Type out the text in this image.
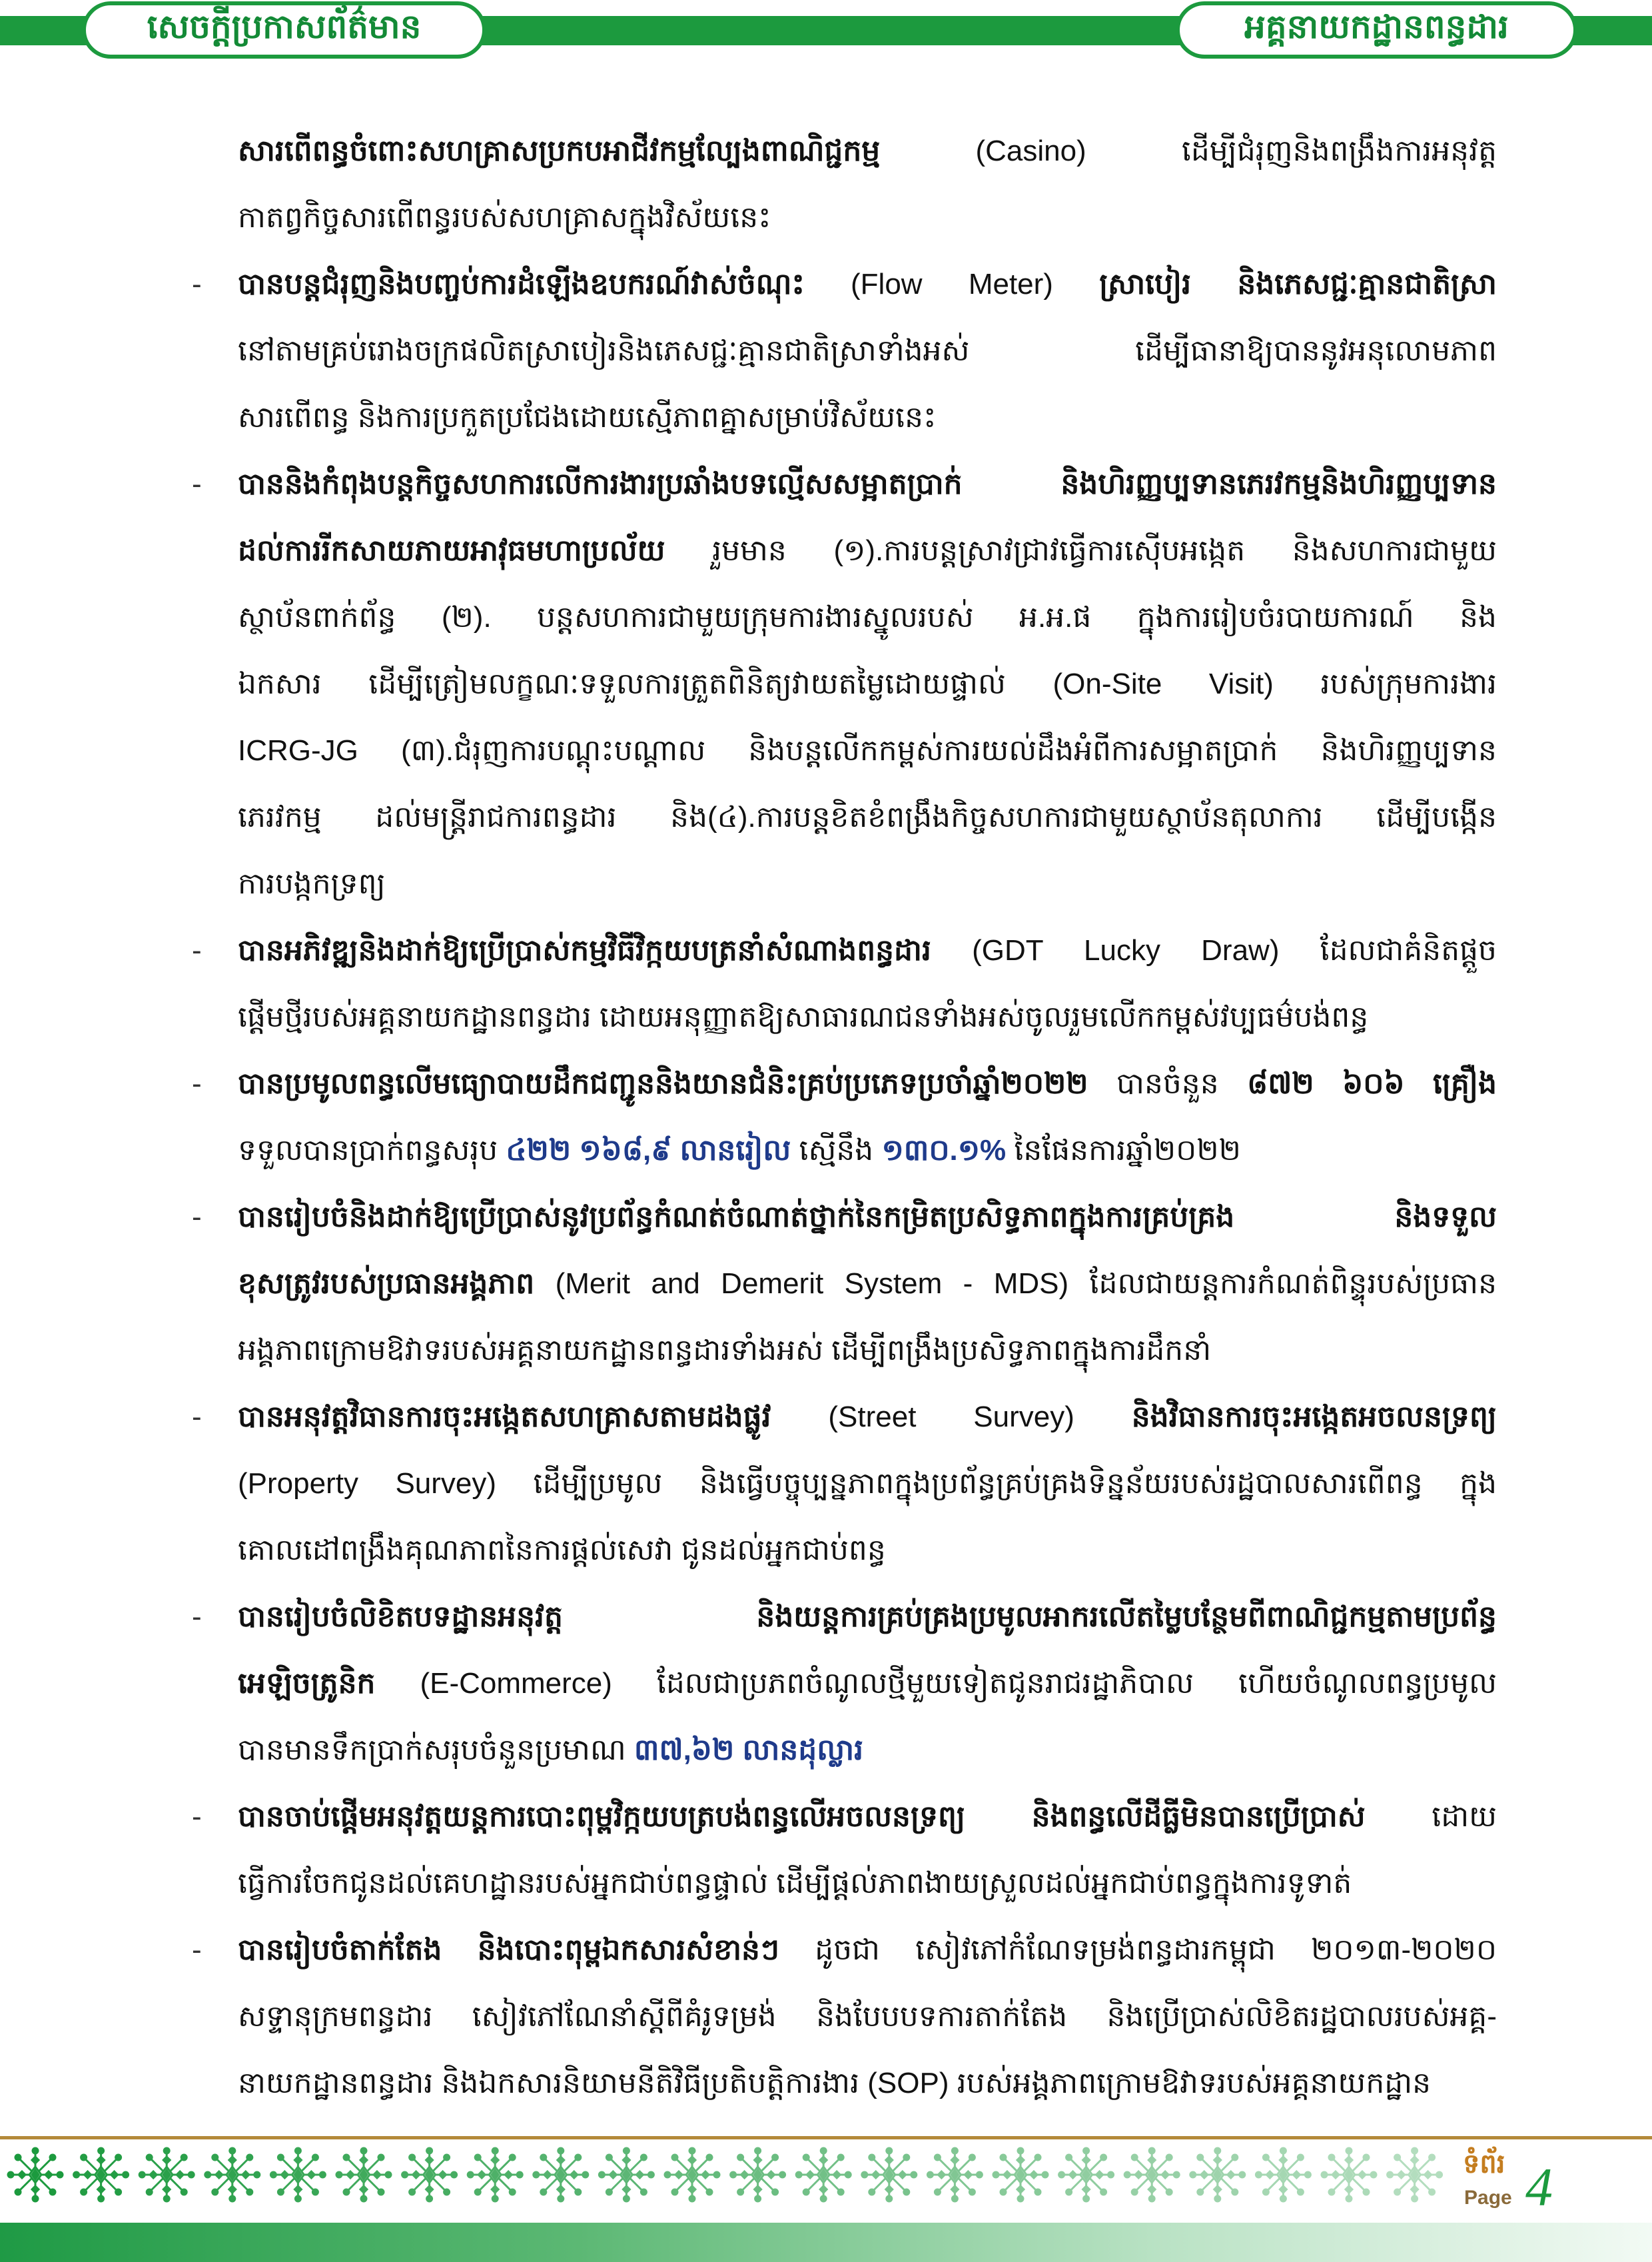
សេចក្តីប្រកាសព័ត៌មាន	អគ្គនាយកដ្ឋានពន្ធដារ
សារពើពន្ធចំពោះសហគ្រាសប្រកបអាជីវកម្មល្បែងពាណិជ្ជកម្ម (Casino) ដើម្បីជំរុញនិងពង្រឹងការអនុវត្ត
កាតព្វកិច្ចសារពើពន្ធរបស់សហគ្រាសក្នុងវិស័យនេះ
-	បានបន្តជំរុញនិងបញ្ចប់ការដំឡើងឧបករណ៍វាស់ចំណុះ (Flow Meter) ស្រាបៀរ និងភេសជ្ជៈគ្មានជាតិស្រា
នៅតាមគ្រប់រោងចក្រផលិតស្រាបៀរនិងភេសជ្ជៈគ្មានជាតិស្រាទាំងអស់ ដើម្បីធានាឱ្យបាននូវអនុលោមភាព
សារពើពន្ធ និងការប្រកួតប្រជែងដោយស្មើភាពគ្នាសម្រាប់វិស័យនេះ
-	បាននិងកំពុងបន្តកិច្ចសហការលើការងារប្រឆាំងបទល្មើសសម្អាតប្រាក់ និងហិរញ្ញប្បទានភេរវកម្មនិងហិរញ្ញប្បទាន
ដល់ការរីកសាយភាយអាវុធមហាប្រល័យ រួមមាន (១).ការបន្តស្រាវជ្រាវធ្វើការស៊ើបអង្កេត និងសហការជាមួយ
ស្ថាប័នពាក់ព័ន្ធ (២). បន្តសហការជាមួយក្រុមការងារស្នូលរបស់ អ.អ.ផ ក្នុងការរៀបចំរបាយការណ៍ និង
ឯកសារ ដើម្បីត្រៀមលក្ខណៈទទួលការត្រួតពិនិត្យវាយតម្លៃដោយផ្ទាល់ (On-Site Visit) របស់ក្រុមការងារ
ICRG-JG (៣).ជំរុញការបណ្តុះបណ្តាល និងបន្តលើកកម្ពស់ការយល់ដឹងអំពីការសម្អាតប្រាក់ និងហិរញ្ញប្បទាន
ភេរវកម្ម ដល់មន្ត្រីរាជការពន្ធដារ និង(៤).ការបន្តខិតខំពង្រឹងកិច្ចសហការជាមួយស្ថាប័នតុលាការ ដើម្បីបង្កើន
ការបង្កកទ្រព្យ
-	បានអភិវឌ្ឍនិងដាក់ឱ្យប្រើប្រាស់កម្មវិធីវិក្កយបត្រនាំសំណាងពន្ធដារ (GDT Lucky Draw) ដែលជាគំនិតផ្តួច
ផ្តើមថ្មីរបស់អគ្គនាយកដ្ឋានពន្ធដារ ដោយអនុញ្ញាតឱ្យសាធារណជនទាំងអស់ចូលរួមលើកកម្ពស់វប្បធម៌បង់ពន្ធ
-	បានប្រមូលពន្ធលើមធ្យោបាយដឹកជញ្ជូននិងយានជំនិះគ្រប់ប្រភេទប្រចាំឆ្នាំ២០២២ បានចំនួន ៨៧២ ៦០៦ គ្រឿង
ទទួលបានប្រាក់ពន្ធសរុប ៤២២ ១៦៨,៩ លានរៀល ស្មើនឹង ១៣០.១% នៃផែនការឆ្នាំ២០២២
-	បានរៀបចំនិងដាក់ឱ្យប្រើប្រាស់នូវប្រព័ន្ធកំណត់ចំណាត់ថ្នាក់នៃកម្រិតប្រសិទ្ធភាពក្នុងការគ្រប់គ្រង និងទទួល
ខុសត្រូវរបស់ប្រធានអង្គភាព (Merit and Demerit System - MDS) ដែលជាយន្តការកំណត់ពិន្ទុរបស់ប្រធាន
អង្គភាពក្រោមឱវាទរបស់អគ្គនាយកដ្ឋានពន្ធដារទាំងអស់ ដើម្បីពង្រឹងប្រសិទ្ធភាពក្នុងការដឹកនាំ
-	បានអនុវត្តវិធានការចុះអង្កេតសហគ្រាសតាមដងផ្លូវ (Street Survey) និងវិធានការចុះអង្កេតអចលនទ្រព្យ
(Property Survey) ដើម្បីប្រមូល និងធ្វើបច្ចុប្បន្នភាពក្នុងប្រព័ន្ធគ្រប់គ្រងទិន្នន័យរបស់រដ្ឋបាលសារពើពន្ធ ក្នុង
គោលដៅពង្រឹងគុណភាពនៃការផ្តល់សេវា ជូនដល់អ្នកជាប់ពន្ធ
-	បានរៀបចំលិខិតបទដ្ឋានអនុវត្ត និងយន្តការគ្រប់គ្រងប្រមូលអាករលើតម្លៃបន្ថែមពីពាណិជ្ជកម្មតាមប្រព័ន្ធ
អេឡិចត្រូនិក (E-Commerce) ដែលជាប្រភពចំណូលថ្មីមួយទៀតជូនរាជរដ្ឋាភិបាល ហើយចំណូលពន្ធប្រមូល
បានមានទឹកប្រាក់សរុបចំនួនប្រមាណ ៣៧,៦២ លានដុល្លារ
-	បានចាប់ផ្តើមអនុវត្តយន្តការបោះពុម្ពវិក្កយបត្របង់ពន្ធលើអចលនទ្រព្យ និងពន្ធលើដីធ្លីមិនបានប្រើប្រាស់ ដោយ
ធ្វើការចែកជូនដល់គេហដ្ឋានរបស់អ្នកជាប់ពន្ធផ្ទាល់ ដើម្បីផ្តល់ភាពងាយស្រួលដល់អ្នកជាប់ពន្ធក្នុងការទូទាត់
-	បានរៀបចំតាក់តែង និងបោះពុម្ពឯកសារសំខាន់ៗ ដូចជា សៀវភៅកំណែទម្រង់ពន្ធដារកម្ពុជា ២០១៣-២០២០
សទ្ទានុក្រមពន្ធដារ សៀវភៅណែនាំស្តីពីគំរូទម្រង់ និងបែបបទការតាក់តែង និងប្រើប្រាស់លិខិតរដ្ឋបាលរបស់អគ្គ-
នាយកដ្ឋានពន្ធដារ និងឯកសារនិយាមនីតិវិធីប្រតិបត្តិការងារ (SOP) របស់អង្គភាពក្រោមឱវាទរបស់អគ្គនាយកដ្ឋាន
ទំព័រ
Page 4
